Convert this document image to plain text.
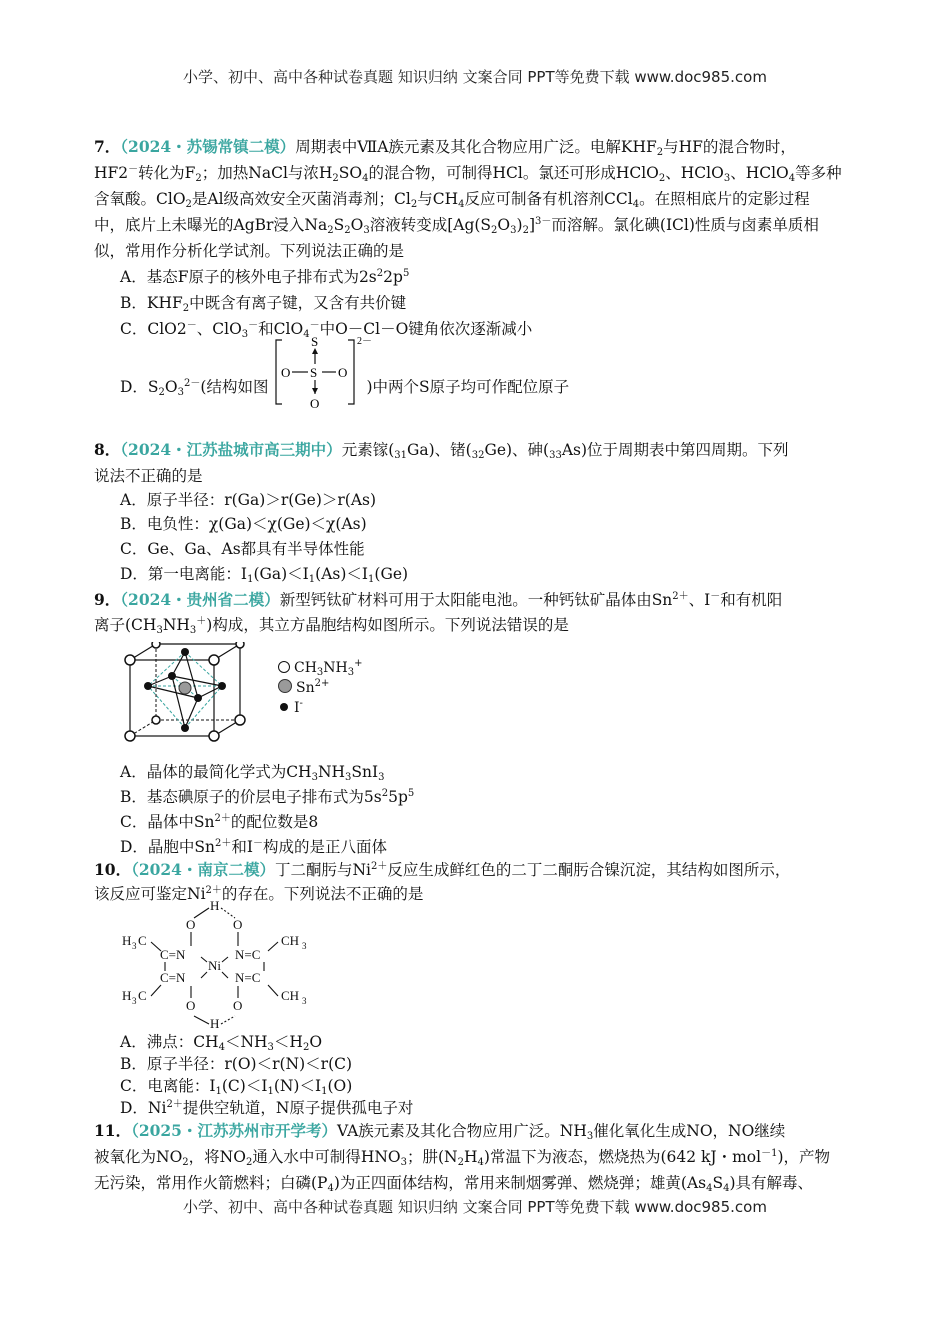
小学、初中、高中各种试卷真题 知识归纳 文案合同 PPT等免费下载 www.doc985.com
7．（2024・苏锡常镇二模）周期表中ⅦA族元素及其化合物应用广泛。电解$KHF_2$与HF的混合物时，
HF2－转化为$F_2$；加热NaCl与浓$H_2SO_4$的混合物，可制得HCl。氯还可形成HClO$_2$、HClO$_3$、HClO$_4$等多种
含氧酸。ClO$_2$是Al级高效安全灭菌消毒剂；$Cl_2$与$CH_4$反应可制备有机溶剂CCl$_4$。在照相底片的定影过程
中，底片上未曝光的AgBr浸入$Na_2S_2O_3$溶液转变成$[Ag(S_2O_3)_2]^{3-}$而溶解。氯化碘(ICl)性质与卤素单质相
似，常用作分析化学试剂。下列说法正确的是
A．基态F原子的核外电子排布式为$2s^22p^5$
B．$KHF_2$中既含有离子键，又含有共价键
C．ClO2－、ClO$_3$－和ClO$_4$－中O－Cl－O键角依次逐渐减小
D．$S_2O_3^{2-}$(结构如图	)中两个S原子均可作配位原子
S
O S O
O
2－
8．（2024・江苏盐城市高三期中）元素镓$(_{31}Ga)$、锗$(_{32}Ge)$、砷$(_{33}As)$位于周期表中第四周期。下列
说法不正确的是
A．原子半径：r(Ga)＞r(Ge)＞r(As)
B．电负性：χ(Ga)＜χ(Ge)＜χ(As)
C．Ge、Ga、As都具有半导体性能
D．第一电离能：$I_1(Ga)<I_1(As)<I_1(Ge)$
9．（2024・贵州省二模）新型钙钛矿材料可用于太阳能电池。一种钙钛矿晶体由$Sn^{2+}$、I－和有机阳
离子$(CH_3NH_3^+)$构成，其立方晶胞结构如图所示。下列说法错误的是
$CH_3NH_3^+$
$Sn^{2+}$
I-
A．晶体的最简化学式为$CH_3NH_3SnI_3$
B．基态碘原子的价层电子排布式为$5s^25p^5$
C．晶体中$Sn^{2+}$的配位数是8
D．晶胞中$Sn^{2+}$和I－构成的是正八面体
10．（2024・南京二模）丁二酮肟与$Ni^{2+}$反应生成鲜红色的二丁二酮肟合镍沉淀，其结构如图所示，
该反应可鉴定$Ni^{2+}$的存在。下列说法不正确的是
H
O	O
H 3 C	CH 3
C=N	N=C
Ni
C=N	N=C
H 3 C	CH 3
O	O
H
A．沸点：$CH_4<NH_3<H_2O$
B．原子半径：r(O)＜r(N)＜r(C)
C．电离能：$I_1(C)<I_1(N)<I_1(O)$
D．$Ni^{2+}$提供空轨道，N原子提供孤电子对
11．（2025・江苏苏州市开学考）VA族元素及其化合物应用广泛。$NH_3$催化氧化生成NO，NO继续
被氧化为$NO_2$，将$NO_2$通入水中可制得$HNO_3$；肼$(N_2H_4)$常温下为液态，燃烧热为(642 kJ・mol$^{-1}$)，产物
无污染，常用作火箭燃料；白磷$(P_4)$为正四面体结构，常用来制烟雾弹、燃烧弹；雄黄$(As_4S_4)$具有解毒、
小学、初中、高中各种试卷真题 知识归纳 文案合同 PPT等免费下载 www.doc985.com
